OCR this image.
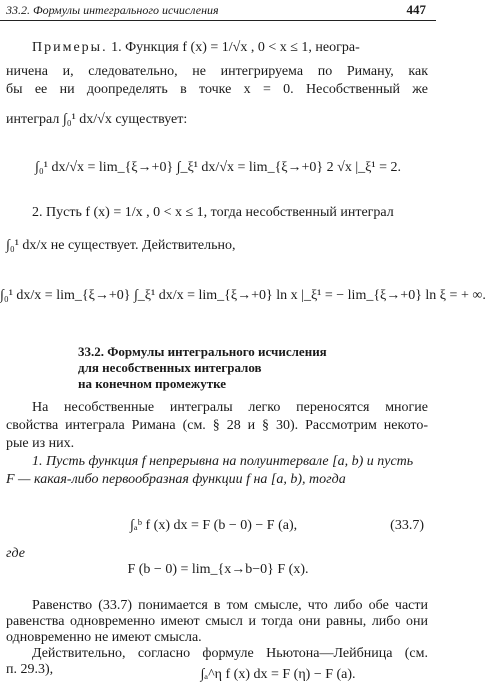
33.2. Формулы интегрального исчисления	447
Примеры. 1. Функция f (x) = 1/√x , 0 < x ≤ 1, неогра-
ничена и, следовательно, не интегрируема по Риману, как
бы ее ни доопределять в точке x = 0. Несобственный же
интеграл ∫₀¹ dx/√x существует:
∫₀¹ dx/√x = lim_{ξ→+0} ∫_ξ¹ dx/√x = lim_{ξ→+0} 2 √x |_ξ¹ = 2.
2. Пусть f (x) = 1/x , 0 < x ≤ 1, тогда несобственный интеграл
∫₀¹ dx/x не существует. Действительно,
∫₀¹ dx/x = lim_{ξ→+0} ∫_ξ¹ dx/x = lim_{ξ→+0} ln x |_ξ¹ = − lim_{ξ→+0} ln ξ = + ∞.
33.2. Формулы интегрального исчисления
для несобственных интегралов
на конечном промежутке
На несобственные интегралы легко переносятся многие
свойства интеграла Римана (см. § 28 и § 30). Рассмотрим некото-
рые из них.
1. Пусть функция f непрерывна на полуинтервале [a, b) и пусть
F — какая-либо первообразная функции f на [a, b), тогда
∫ₐᵇ f (x) dx = F (b − 0) − F (a),	(33.7)
где
F (b − 0) = lim_{x→b−0} F (x).
Равенство (33.7) понимается в том смысле, что либо обе части
равенства одновременно имеют смысл и тогда они равны, либо они
одновременно не имеют смысла.
Действительно, согласно формуле Ньютона—Лейбница (см.
п. 29.3),	∫ₐ^η f (x) dx = F (η) − F (a).
